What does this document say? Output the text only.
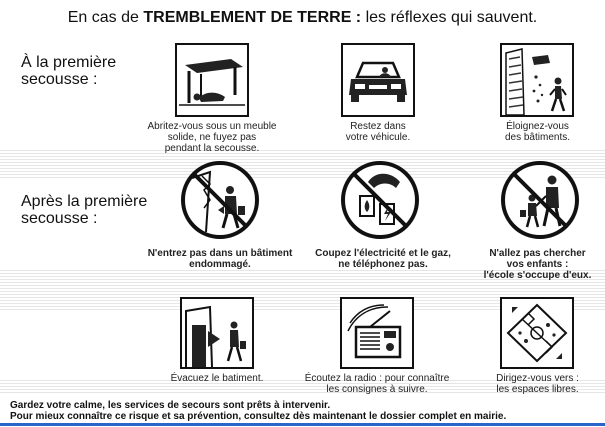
En cas de TREMBLEMENT DE TERRE : les réflexes qui sauvent.
À la première
secousse :
Après la première
secousse :
Abritez-vous sous un meuble
solide, ne fuyez pas
pendant la secousse.
Restez dans
votre véhicule.
Éloignez-vous
des bâtiments.
N'entrez pas dans un bâtiment
endommagé.
Coupez l'électricité et le gaz,
ne téléphonez pas.
N'allez pas chercher
vos enfants :
l'école s'occupe d'eux.
Évacuez le batiment.	Écoutez la radio : pour connaître
les consignes à suivre.
Dirigez-vous vers :
les espaces libres.
Gardez votre calme, les services de secours sont prêts à intervenir.
Pour mieux connaître ce risque et sa prévention, consultez dès maintenant le dossier complet en mairie.
